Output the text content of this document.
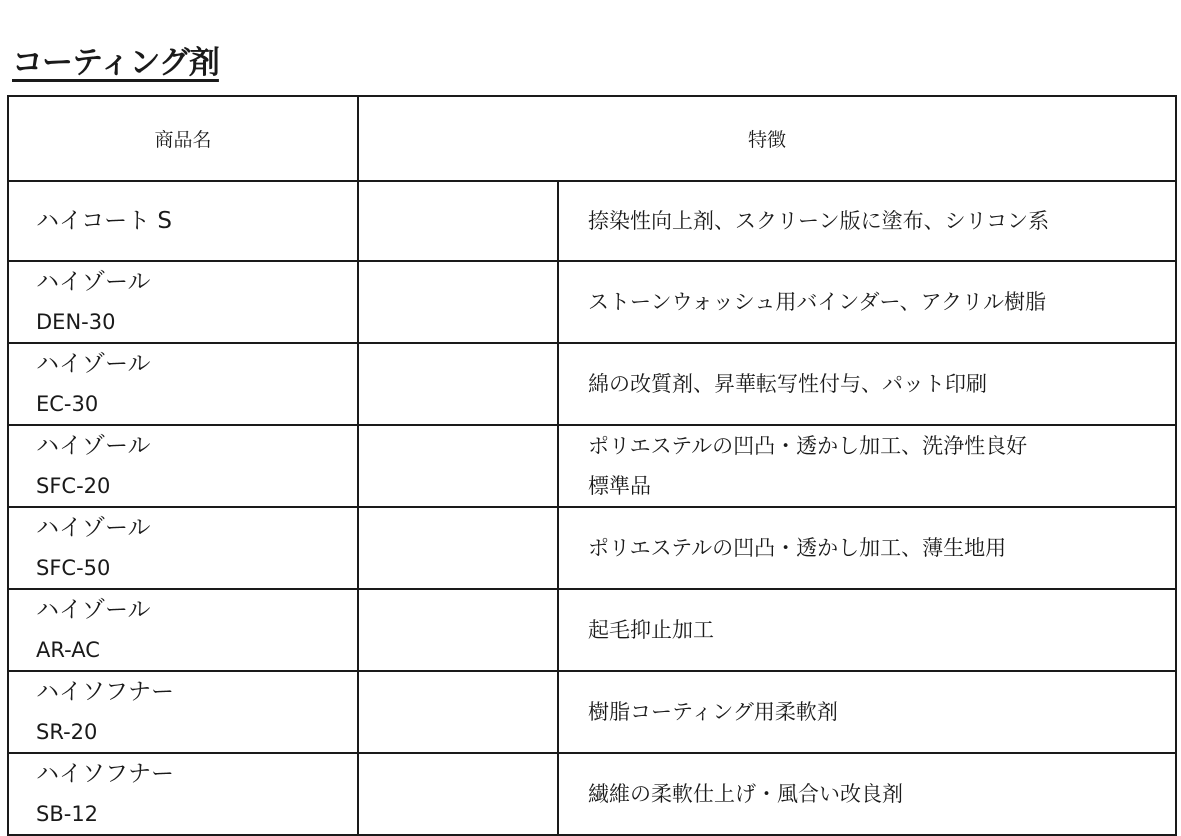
コーティング剤
商品名	特徴	

ハイコート S		捺染性向上剤、スクリーン版に塗布、シリコン系

ハイゾール
DEN-30		ストーンウォッシュ用バインダー、アクリル樹脂

ハイゾール
EC-30		綿の改質剤、昇華転写性付与、パット印刷

ハイゾール
SFC-20		ポリエステルの凹凸・透かし加工、洗浄性良好
標準品

ハイゾール
SFC-50		ポリエステルの凹凸・透かし加工、薄生地用

ハイゾール
AR-AC		起毛抑止加工

ハイソフナー
SR-20		樹脂コーティング用柔軟剤

ハイソフナー
SB-12		繊維の柔軟仕上げ・風合い改良剤
